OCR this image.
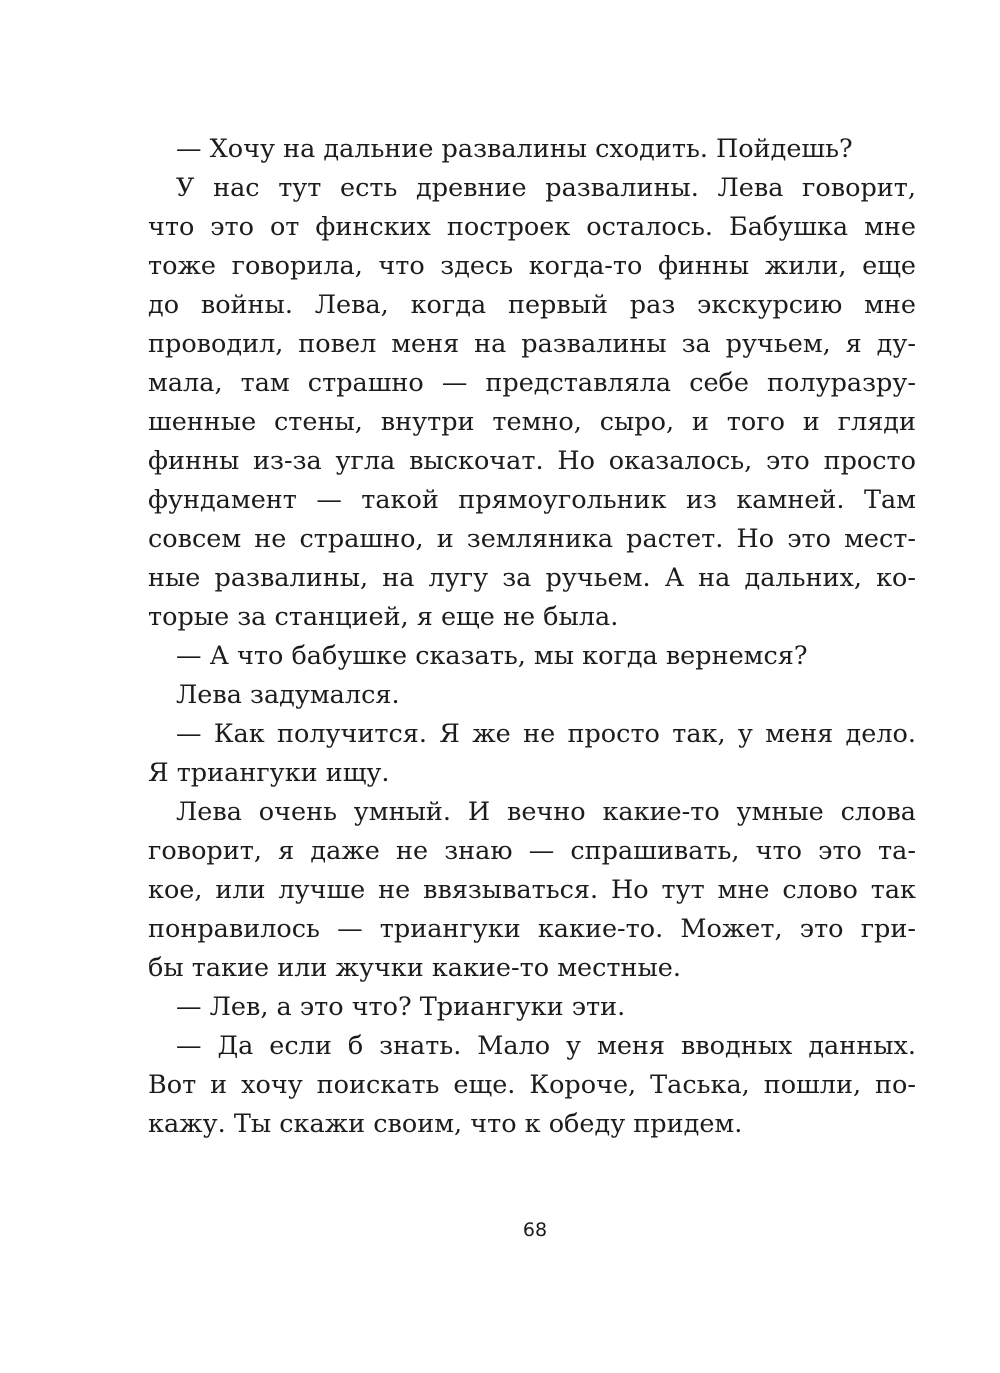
— Хочу на дальние развалины сходить. Пойдешь?
У нас тут есть древние развалины. Лева говорит,
что это от финских построек осталось. Бабушка мне
тоже говорила, что здесь когда-то финны жили, еще
до войны. Лева, когда первый раз экскурсию мне
проводил, повел меня на развалины за ручьем, я ду-
мала, там страшно — представляла себе полуразру-
шенные стены, внутри темно, сыро, и того и гляди
финны из-за угла выскочат. Но оказалось, это просто
фундамент — такой прямоугольник из камней. Там
совсем не страшно, и земляника растет. Но это мест-
ные развалины, на лугу за ручьем. А на дальних, ко-
торые за станцией, я еще не была.
— А что бабушке сказать, мы когда вернемся?
Лева задумался.
— Как получится. Я же не просто так, у меня дело.
Я триангуки ищу.
Лева очень умный. И вечно какие-то умные слова
говорит, я даже не знаю — спрашивать, что это та-
кое, или лучше не ввязываться. Но тут мне слово так
понравилось — триангуки какие-то. Может, это гри-
бы такие или жучки какие-то местные.
— Лев, а это что? Триангуки эти.
— Да если б знать. Мало у меня вводных данных.
Вот и хочу поискать еще. Короче, Таська, пошли, по-
кажу. Ты скажи своим, что к обеду придем.
68
